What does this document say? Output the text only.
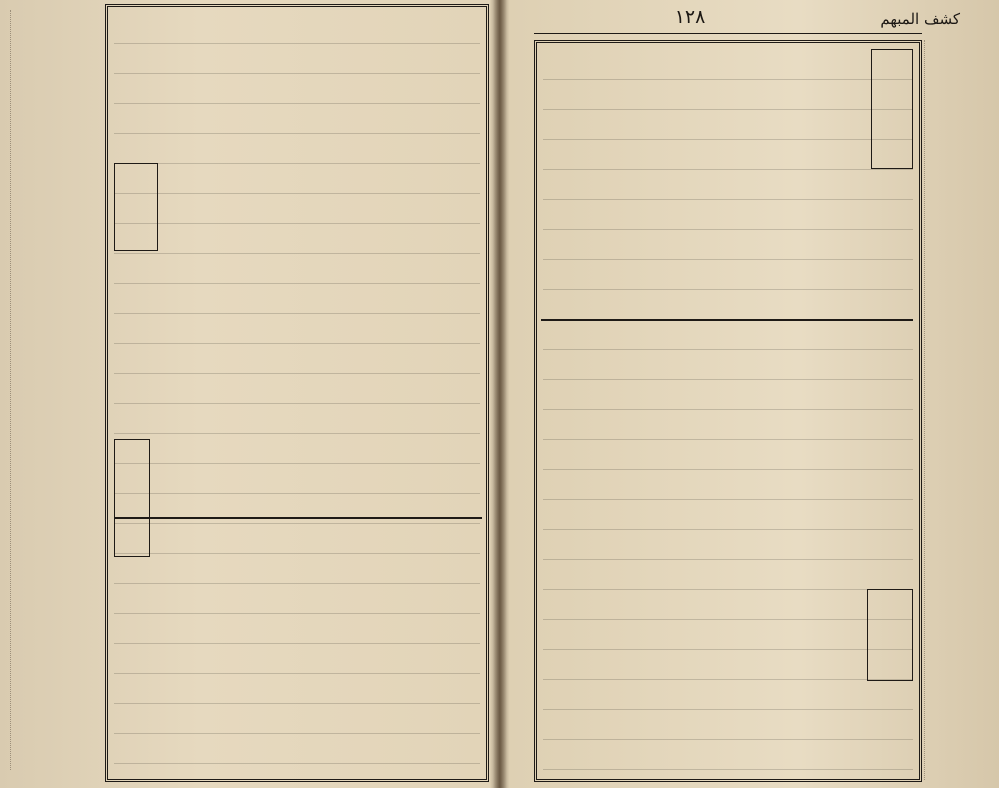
١٢٨	كشف المبهم
